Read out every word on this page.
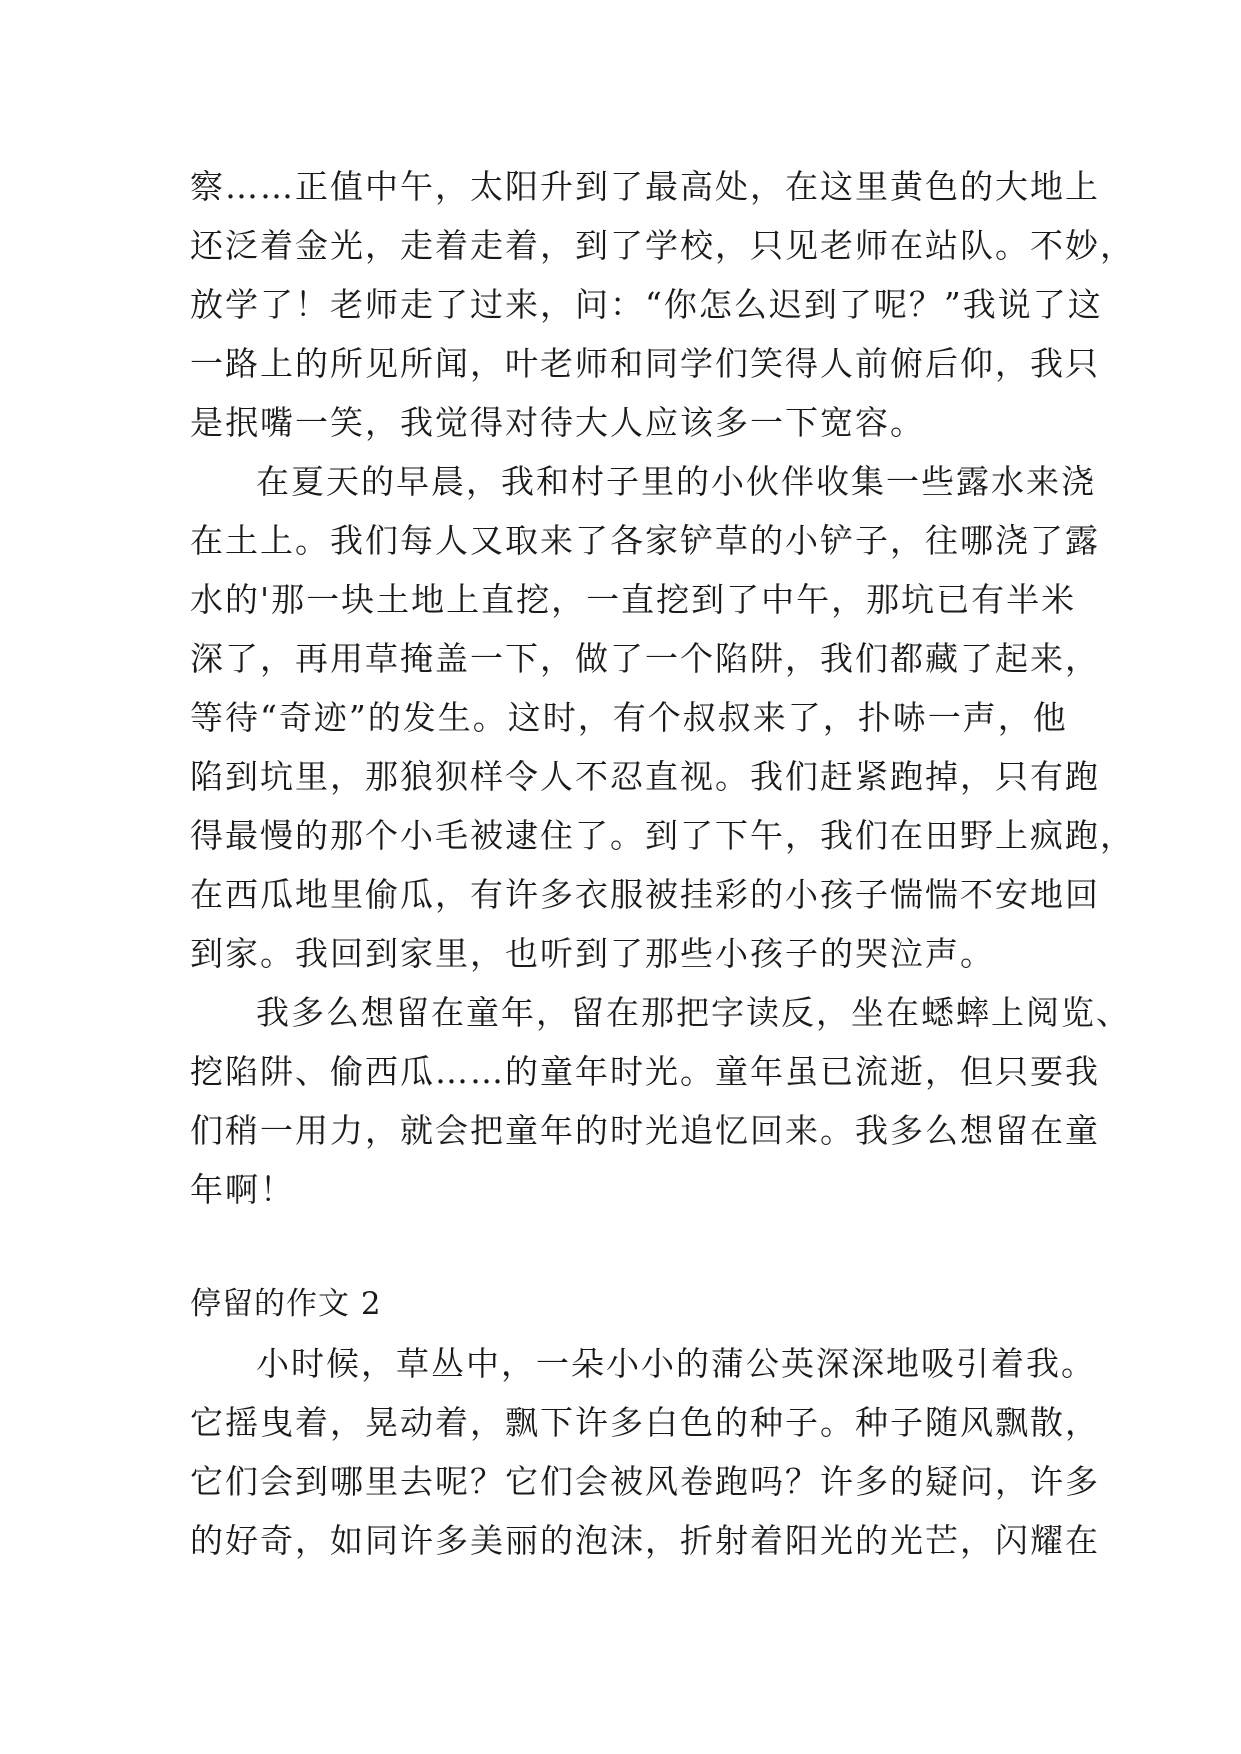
察……正值中午，太阳升到了最高处，在这里黄色的大地上
还泛着金光，走着走着，到了学校，只见老师在站队。不妙，
放学了！老师走了过来，问：“你怎么迟到了呢？”我说了这
一路上的所见所闻，叶老师和同学们笑得人前俯后仰，我只
是抿嘴一笑，我觉得对待大人应该多一下宽容。
在夏天的早晨，我和村子里的小伙伴收集一些露水来浇
在土上。我们每人又取来了各家铲草的小铲子，往哪浇了露
水的'那一块土地上直挖，一直挖到了中午，那坑已有半米
深了，再用草掩盖一下，做了一个陷阱，我们都藏了起来，
等待“奇迹”的发生。这时，有个叔叔来了，扑哧一声，他
陷到坑里，那狼狈样令人不忍直视。我们赶紧跑掉，只有跑
得最慢的那个小毛被逮住了。到了下午，我们在田野上疯跑，
在西瓜地里偷瓜，有许多衣服被挂彩的小孩子惴惴不安地回
到家。我回到家里，也听到了那些小孩子的哭泣声。
我多么想留在童年，留在那把字读反，坐在蟋蟀上阅览、
挖陷阱、偷西瓜……的童年时光。童年虽已流逝，但只要我
们稍一用力，就会把童年的时光追忆回来。我多么想留在童
年啊！
停留的作文 2
小时候，草丛中，一朵小小的蒲公英深深地吸引着我。
它摇曳着，晃动着，飘下许多白色的种子。种子随风飘散，
它们会到哪里去呢？它们会被风卷跑吗？许多的疑问，许多
的好奇，如同许多美丽的泡沫，折射着阳光的光芒，闪耀在
